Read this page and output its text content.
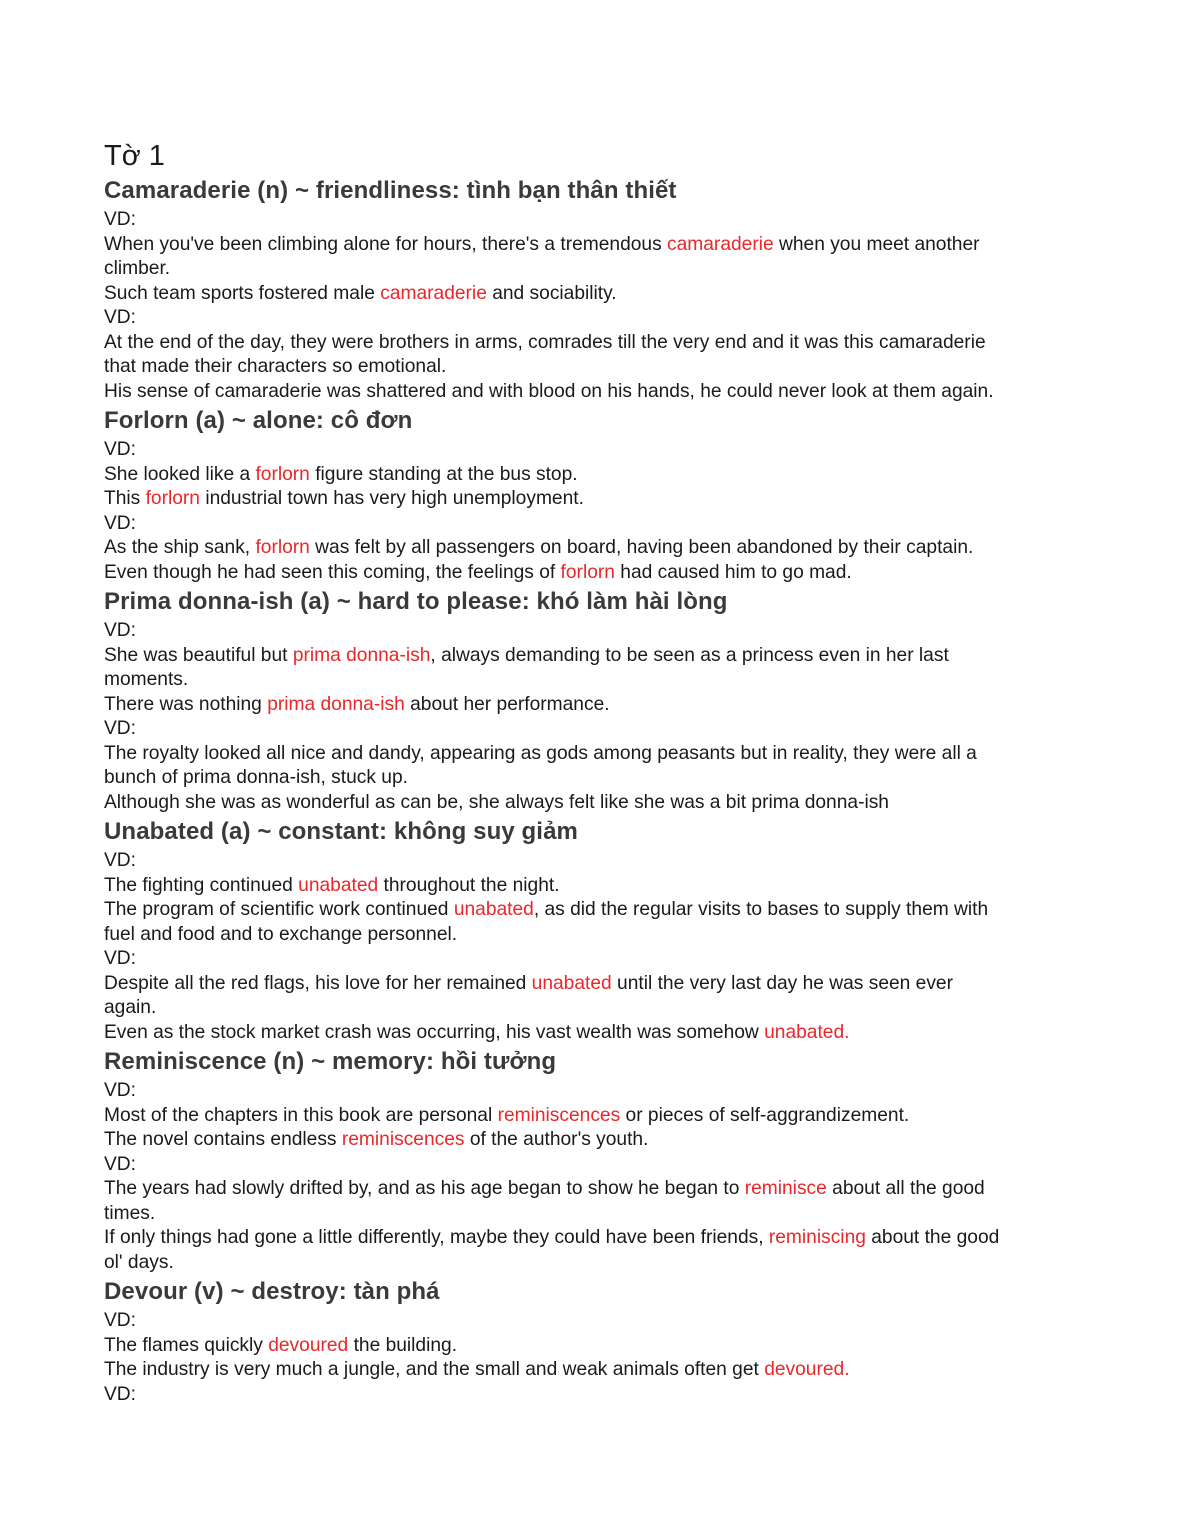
Tờ 1
Camaraderie (n) ~ friendliness: tình bạn thân thiết
VD:
When you've been climbing alone for hours, there's a tremendous camaraderie when you meet another
climber.
Such team sports fostered male camaraderie and sociability.
VD:
At the end of the day, they were brothers in arms, comrades till the very end and it was this camaraderie
that made their characters so emotional.
His sense of camaraderie was shattered and with blood on his hands, he could never look at them again.
Forlorn (a) ~ alone: cô đơn
VD:
She looked like a forlorn figure standing at the bus stop.
This forlorn industrial town has very high unemployment.
VD:
As the ship sank, forlorn was felt by all passengers on board, having been abandoned by their captain.
Even though he had seen this coming, the feelings of forlorn had caused him to go mad.
Prima donna-ish (a) ~ hard to please: khó làm hài lòng
VD:
She was beautiful but prima donna-ish, always demanding to be seen as a princess even in her last
moments.
There was nothing prima donna-ish about her performance.
VD:
The royalty looked all nice and dandy, appearing as gods among peasants but in reality, they were all a
bunch of prima donna-ish, stuck up.
Although she was as wonderful as can be, she always felt like she was a bit prima donna-ish
Unabated (a) ~ constant: không suy giảm
VD:
The fighting continued unabated throughout the night.
The program of scientific work continued unabated, as did the regular visits to bases to supply them with
fuel and food and to exchange personnel.
VD:
Despite all the red flags, his love for her remained unabated until the very last day he was seen ever
again.
Even as the stock market crash was occurring, his vast wealth was somehow unabated.
Reminiscence (n) ~ memory: hồi tưởng
VD:
Most of the chapters in this book are personal reminiscences or pieces of self-aggrandizement.
The novel contains endless reminiscences of the author's youth.
VD:
The years had slowly drifted by, and as his age began to show he began to reminisce about all the good
times.
If only things had gone a little differently, maybe they could have been friends, reminiscing about the good
ol' days.
Devour (v) ~ destroy: tàn phá
VD:
The flames quickly devoured the building.
The industry is very much a jungle, and the small and weak animals often get devoured.
VD:
